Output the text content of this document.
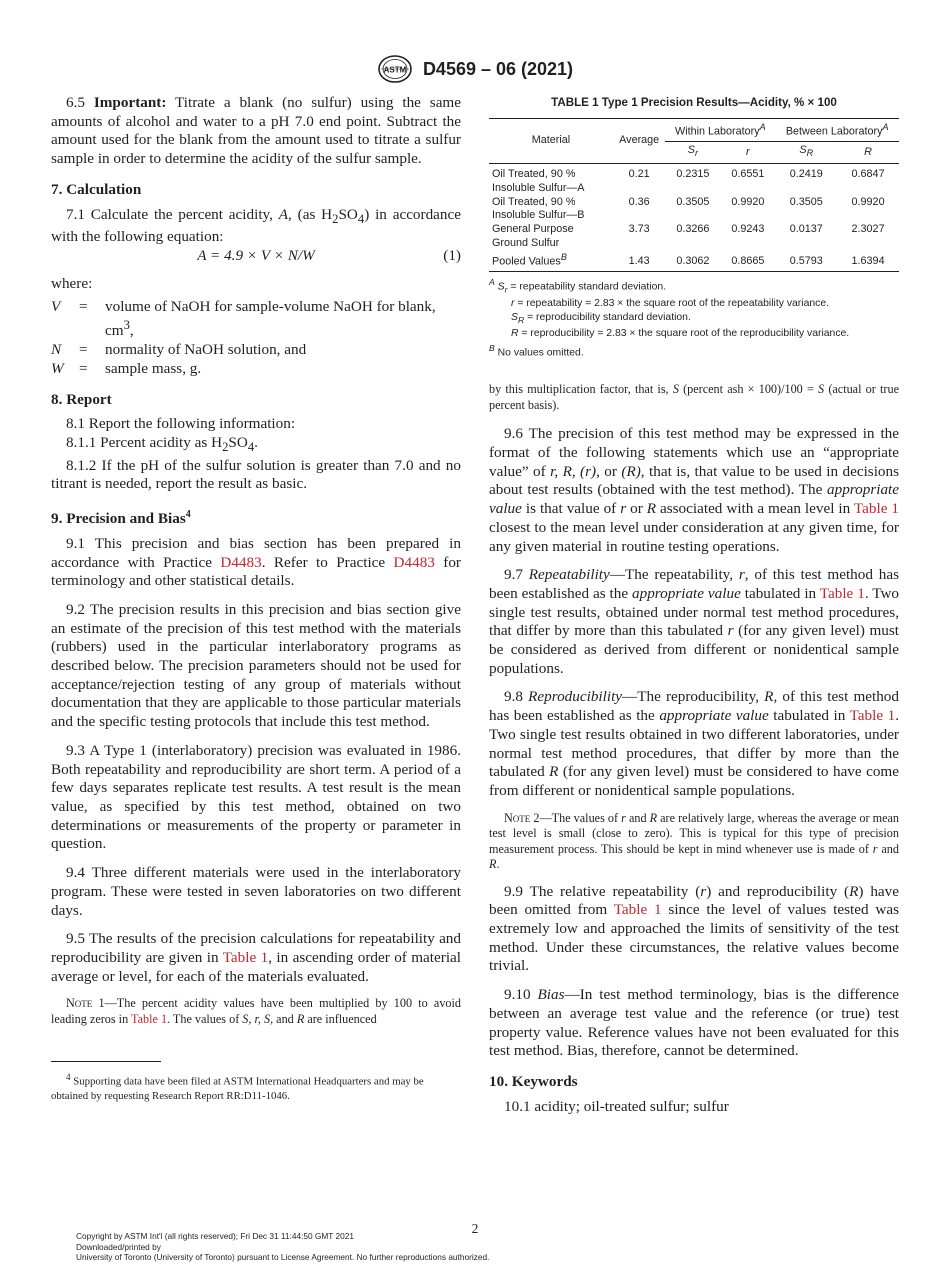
ASTM D4569 – 06 (2021)

6.5 Important: Titrate a blank (no sulfur) using the same amounts of alcohol and water to a pH 7.0 end point. Subtract the amount used for the blank from the amount used to titrate a sulfur sample in order to determine the acidity of the sulfur sample.

7. Calculation

7.1 Calculate the percent acidity, A, (as $H_2SO_4$) in accordance with the following equation:

A = 4.9 × V × N/W	(1)

where:

V	=	volume of NaOH for sample-volume NaOH for blank, $cm^3$,
N	=	normality of NaOH solution, and
W	=	sample mass, g.
8. Report

8.1 Report the following information:

8.1.1 Percent acidity as $H_2SO_4$.

8.1.2 If the pH of the sulfur solution is greater than 7.0 and no titrant is needed, report the result as basic.

9. Precision and Bias$^4$

9.1 This precision and bias section has been prepared in accordance with Practice D4483. Refer to Practice D4483 for terminology and other statistical details.

9.2 The precision results in this precision and bias section give an estimate of the precision of this test method with the materials (rubbers) used in the particular interlaboratory programs as described below. The precision parameters should not be used for acceptance/rejection testing of any group of materials without documentation that they are applicable to those particular materials and the specific testing protocols that include this test method.

9.3 A Type 1 (interlaboratory) precision was evaluated in 1986. Both repeatability and reproducibility are short term. A period of a few days separates replicate test results. A test result is the mean value, as specified by this test method, obtained on two determinations or measurements of the property or parameter in question.

9.4 Three different materials were used in the interlaboratory program. These were tested in seven laboratories on two different days.

9.5 The results of the precision calculations for repeatability and reproducibility are given in Table 1, in ascending order of material average or level, for each of the materials evaluated.

Note 1—The percent acidity values have been multiplied by 100 to avoid leading zeros in Table 1. The values of S, r, S, and R are influenced

$^4$ Supporting data have been filed at ASTM International Headquarters and may be obtained by requesting Research Report RR:D11-1046.

TABLE 1 Type 1 Precision Results—Acidity, % × 100

Material	Average	Within Laboratory$^A$		Between Laboratory$^A$
		$S_r$	r	$S_R$	R
Oil Treated, 90 %
Insoluble Sulfur—A	0.21	0.2315	0.6551	0.2419	0.6847
Oil Treated, 90 %
Insoluble Sulfur—B	0.36	0.3505	0.9920	0.3505	0.9920
General Purpose
Ground Sulfur	3.73	0.3266	0.9243	0.0137	2.3027
Pooled Values$^B$	1.43	0.3062	0.8665	0.5793	1.6394
$^A$ $S_r$ = repeatability standard deviation.
r = repeatability = 2.83 × the square root of the repeatability variance.
$S_R$ = reproducibility standard deviation.
R = reproducibility = 2.83 × the square root of the reproducibility variance.
$^B$ No values omitted.

by this multiplication factor, that is, S (percent ash × 100)/100 = S (actual or true percent basis).

9.6 The precision of this test method may be expressed in the format of the following statements which use an “appropriate value” of r, R, (r), or (R), that is, that value to be used in decisions about test results (obtained with the test method). The appropriate value is that value of r or R associated with a mean level in Table 1 closest to the mean level under consideration at any given time, for any given material in routine testing operations.

9.7 Repeatability—The repeatability, r, of this test method has been established as the appropriate value tabulated in Table 1. Two single test results, obtained under normal test method procedures, that differ by more than this tabulated r (for any given level) must be considered as derived from different or nonidentical sample populations.

9.8 Reproducibility—The reproducibility, R, of this test method has been established as the appropriate value tabulated in Table 1. Two single test results obtained in two different laboratories, under normal test method procedures, that differ by more than the tabulated R (for any given level) must be considered to have come from different or nonidentical sample populations.

Note 2—The values of r and R are relatively large, whereas the average or mean test level is small (close to zero). This is typical for this type of precision measurement process. This should be kept in mind whenever use is made of r and R.

9.9 The relative repeatability (r) and reproducibility (R) have been omitted from Table 1 since the level of values tested was extremely low and approached the limits of sensitivity of the test method. Under these circumstances, the relative values become trivial.

9.10 Bias—In test method terminology, bias is the difference between an average test value and the reference (or true) test property value. Reference values have not been evaluated for this test method. Bias, therefore, cannot be determined.

10. Keywords

10.1 acidity; oil-treated sulfur; sulfur

2
Copyright by ASTM Int'l (all rights reserved); Fri Dec 31 11:44:50 GMT 2021
Downloaded/printed by
University of Toronto (University of Toronto) pursuant to License Agreement. No further reproductions authorized.
